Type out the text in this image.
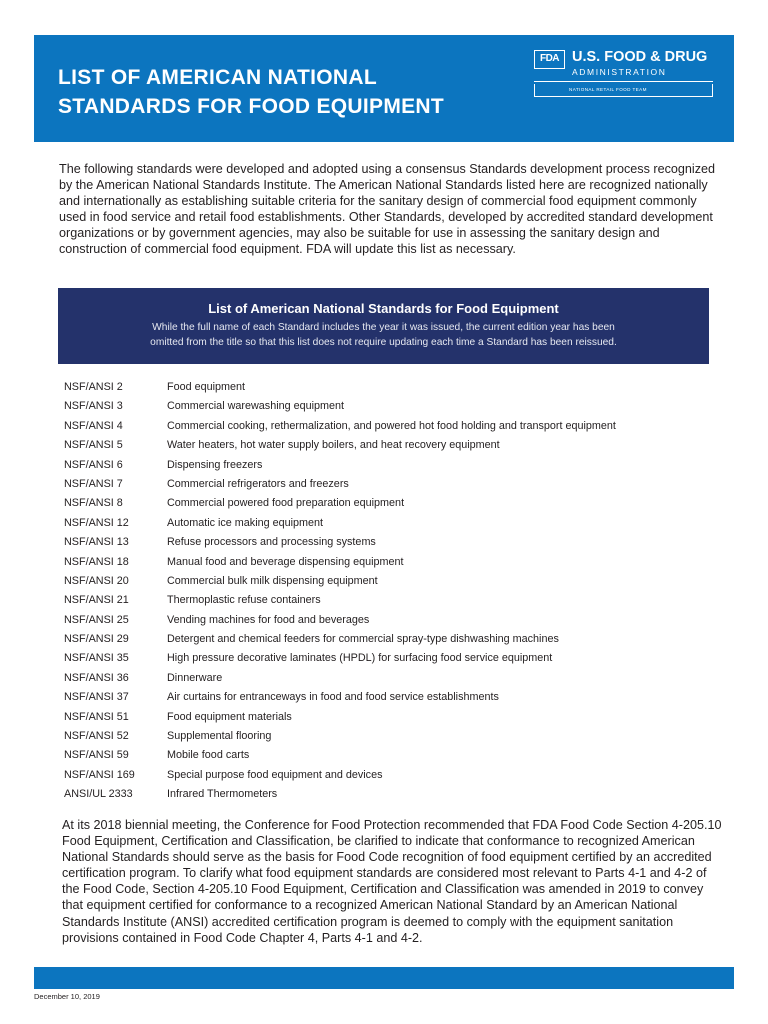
LIST OF AMERICAN NATIONAL
STANDARDS FOR FOOD EQUIPMENT
FDA U.S. FOOD & DRUG
ADMINISTRATION
NATIONAL RETAIL FOOD TEAM

The following standards were developed and adopted using a consensus Standards development process recognized by the American National Standards Institute. The American National Standards listed here are recognized nationally and internationally as establishing suitable criteria for the sanitary design of commercial food equipment commonly used in food service and retail food establishments. Other Standards, developed by accredited standard development organizations or by government agencies, may also be suitable for use in assessing the sanitary design and construction of commercial food equipment. FDA will update this list as necessary.

List of American National Standards for Food Equipment
While the full name of each Standard includes the year it was issued, the current edition year has been
omitted from the title so that this list does not require updating each time a Standard has been reissued.
NSF/ANSI 2	Food equipment
NSF/ANSI 3	Commercial warewashing equipment
NSF/ANSI 4	Commercial cooking, rethermalization, and powered hot food holding and transport equipment
NSF/ANSI 5	Water heaters, hot water supply boilers, and heat recovery equipment
NSF/ANSI 6	Dispensing freezers
NSF/ANSI 7	Commercial refrigerators and freezers
NSF/ANSI 8	Commercial powered food preparation equipment
NSF/ANSI 12	Automatic ice making equipment
NSF/ANSI 13	Refuse processors and processing systems
NSF/ANSI 18	Manual food and beverage dispensing equipment
NSF/ANSI 20	Commercial bulk milk dispensing equipment
NSF/ANSI 21	Thermoplastic refuse containers
NSF/ANSI 25	Vending machines for food and beverages
NSF/ANSI 29	Detergent and chemical feeders for commercial spray-type dishwashing machines
NSF/ANSI 35	High pressure decorative laminates (HPDL) for surfacing food service equipment
NSF/ANSI 36	Dinnerware
NSF/ANSI 37	Air curtains for entranceways in food and food service establishments
NSF/ANSI 51	Food equipment materials
NSF/ANSI 52	Supplemental flooring
NSF/ANSI 59	Mobile food carts
NSF/ANSI 169	Special purpose food equipment and devices
ANSI/UL 2333	Infrared Thermometers

At its 2018 biennial meeting, the Conference for Food Protection recommended that FDA Food Code Section 4-205.10 Food Equipment, Certification and Classification, be clarified to indicate that conformance to recognized American National Standards should serve as the basis for Food Code recognition of food equipment certified by an accredited certification program. To clarify what food equipment standards are considered most relevant to Parts 4-1 and 4-2 of the Food Code, Section 4-205.10 Food Equipment, Certification and Classification was amended in 2019 to convey that equipment certified for conformance to a recognized American National Standard by an American National Standards Institute (ANSI) accredited certification program is deemed to comply with the equipment sanitation provisions contained in Food Code Chapter 4, Parts 4-1 and 4-2.

December 10, 2019
